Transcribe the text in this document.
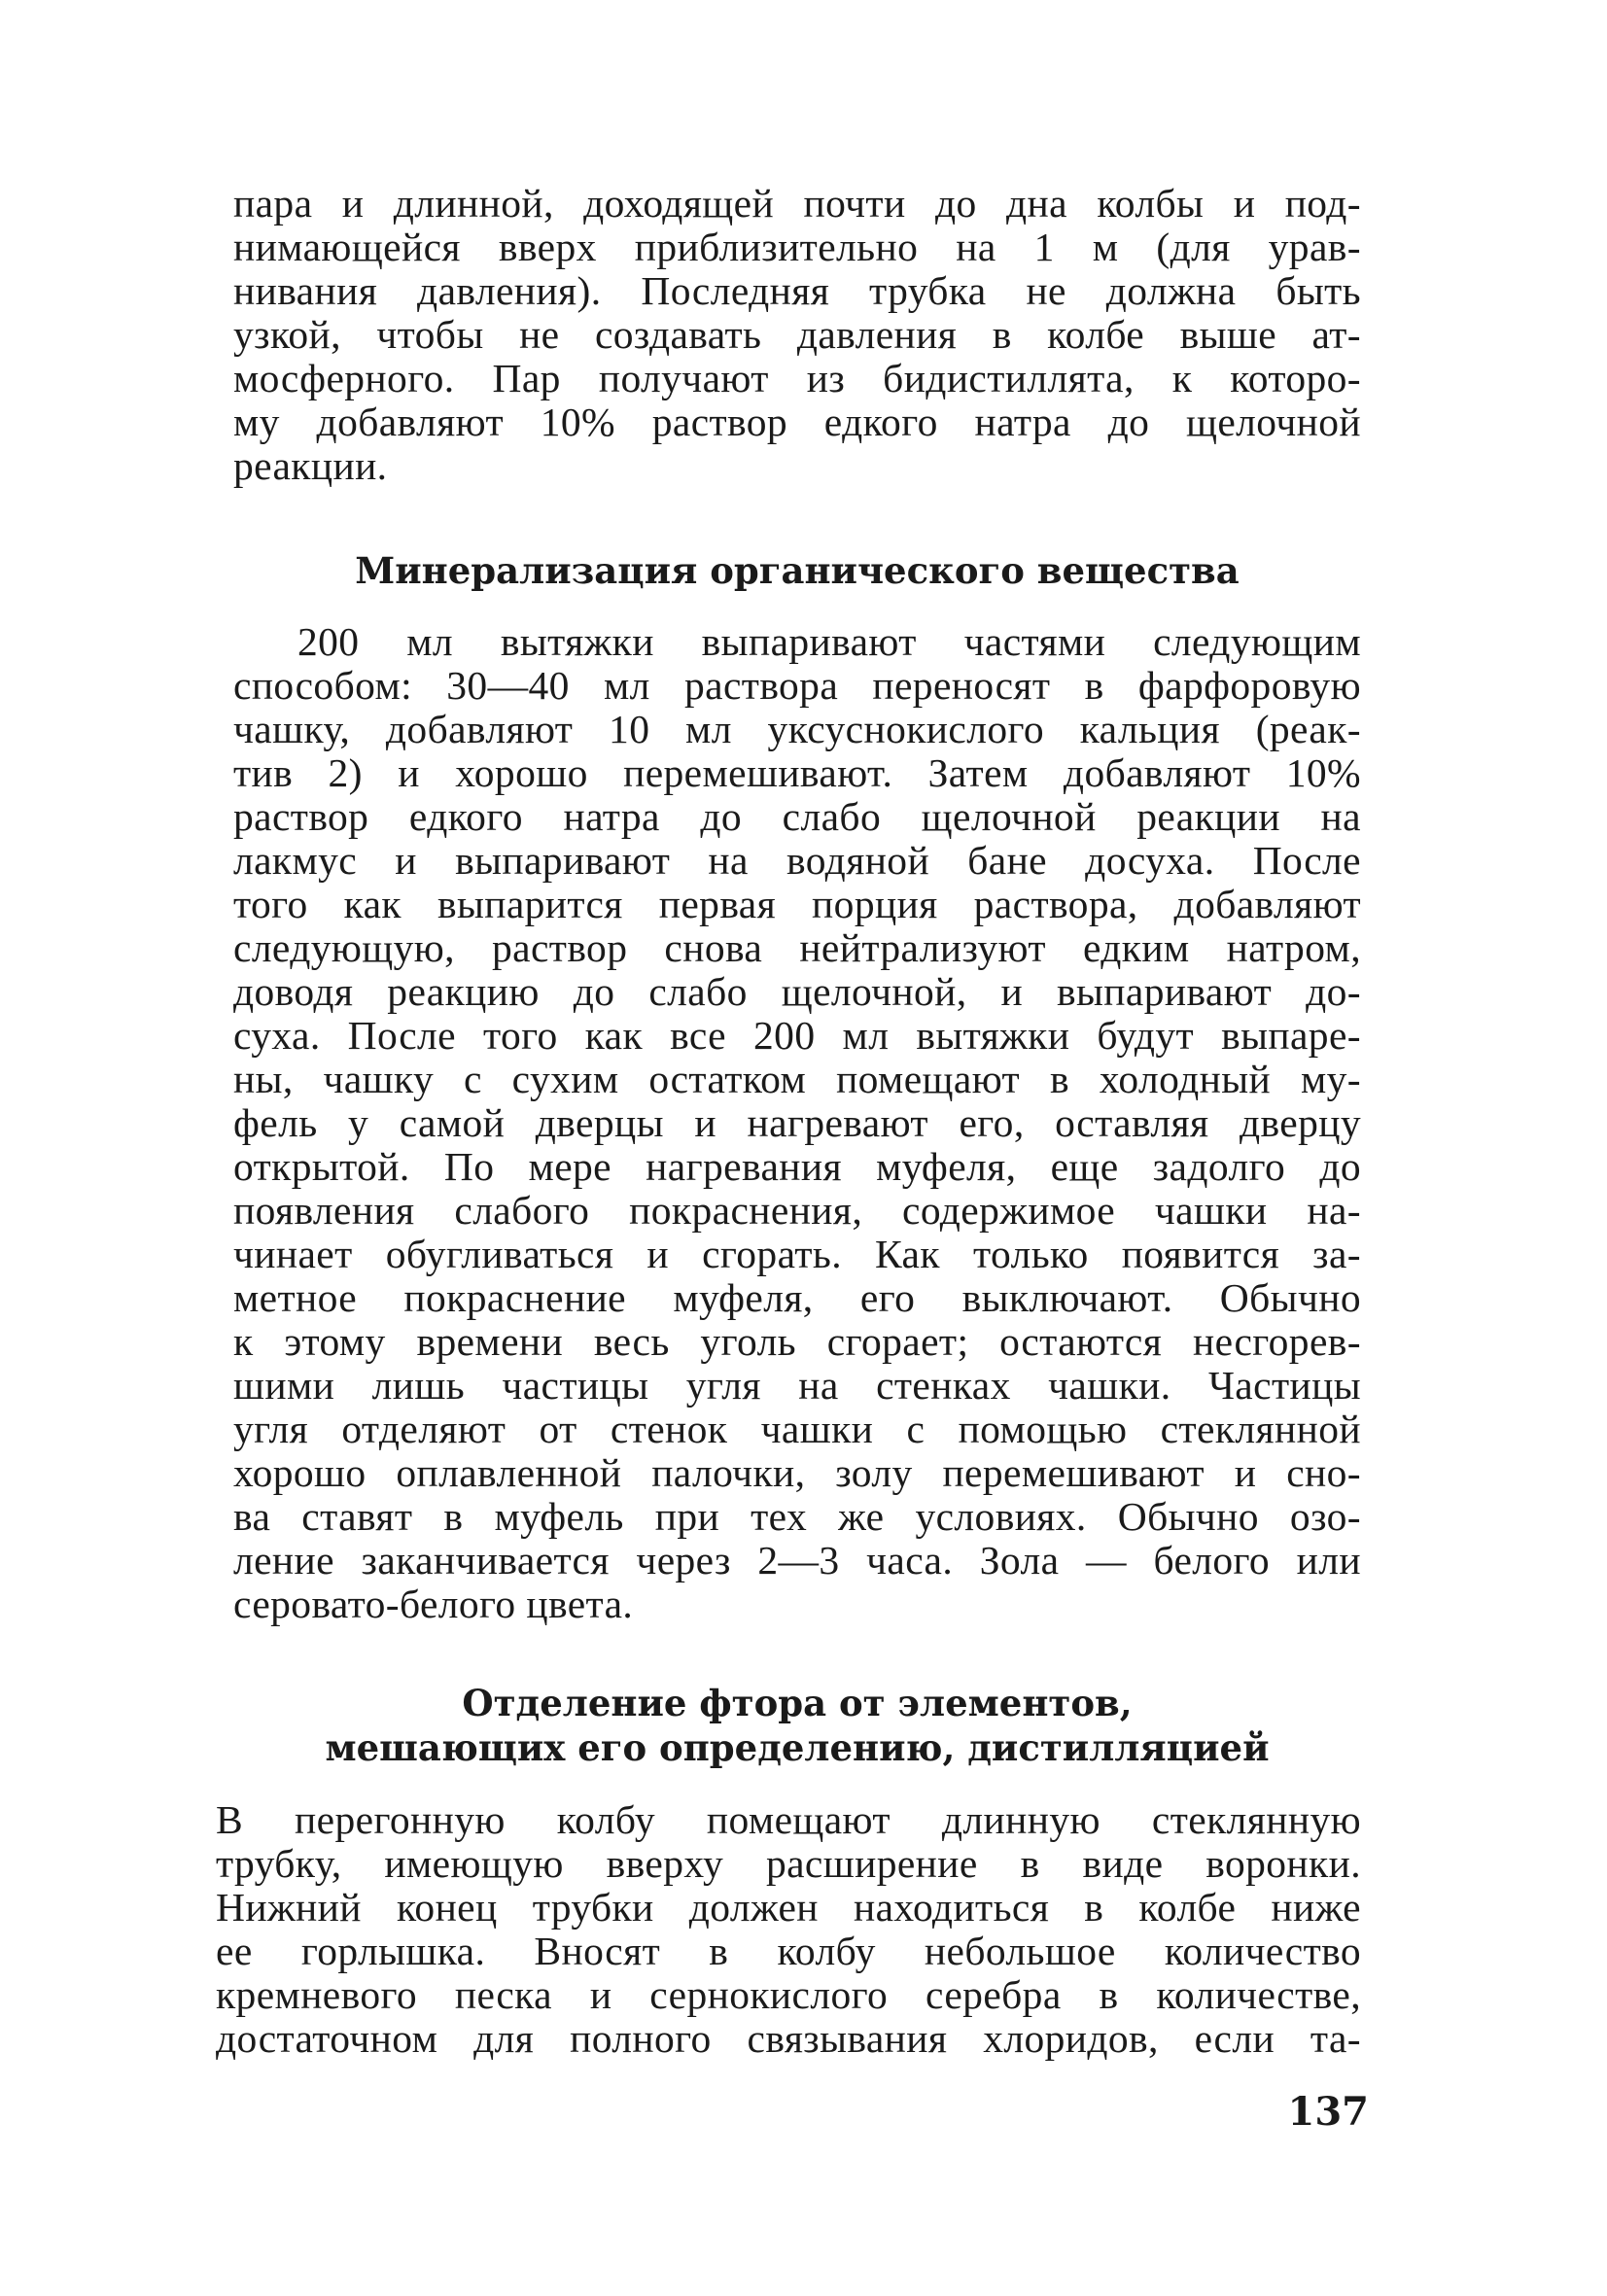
пара и длинной, доходящей почти до дна колбы и под-
нимающейся вверх приблизительно на 1 м (для урав-
нивания давления). Последняя трубка не должна быть
узкой, чтобы не создавать давления в колбе выше ат-
мосферного. Пар получают из бидистиллята, к которо-
му добавляют 10% раствор едкого натра до щелочной
реакции.
Минерализация органического вещества
200 мл вытяжки выпаривают частями следующим
способом: 30—40 мл раствора переносят в фарфоровую
чашку, добавляют 10 мл уксуснокислого кальция (реак-
тив 2) и хорошо перемешивают. Затем добавляют 10%
раствор едкого натра до слабо щелочной реакции на
лакмус и выпаривают на водяной бане досуха. После
того как выпарится первая порция раствора, добавляют
следующую, раствор снова нейтрализуют едким натром,
доводя реакцию до слабо щелочной, и выпаривают до-
суха. После того как все 200 мл вытяжки будут выпаре-
ны, чашку с сухим остатком помещают в холодный му-
фель у самой дверцы и нагревают его, оставляя дверцу
открытой. По мере нагревания муфеля, еще задолго до
появления слабого покраснения, содержимое чашки на-
чинает обугливаться и сгорать. Как только появится за-
метное покраснение муфеля, его выключают. Обычно
к этому времени весь уголь сгорает; остаются несгорев-
шими лишь частицы угля на стенках чашки. Частицы
угля отделяют от стенок чашки с помощью стеклянной
хорошо оплавленной палочки, золу перемешивают и сно-
ва ставят в муфель при тех же условиях. Обычно озо-
ление заканчивается через 2—3 часа. Зола — белого или
серовато-белого цвета.
Отделение фтора от элементов,
мешающих его определению, дистилляцией
В перегонную колбу помещают длинную стеклянную
трубку, имеющую вверху расширение в виде воронки.
Нижний конец трубки должен находиться в колбе ниже
ее горлышка. Вносят в колбу небольшое количество
кремневого песка и сернокислого серебра в количестве,
достаточном для полного связывания хлоридов, если та-
137
